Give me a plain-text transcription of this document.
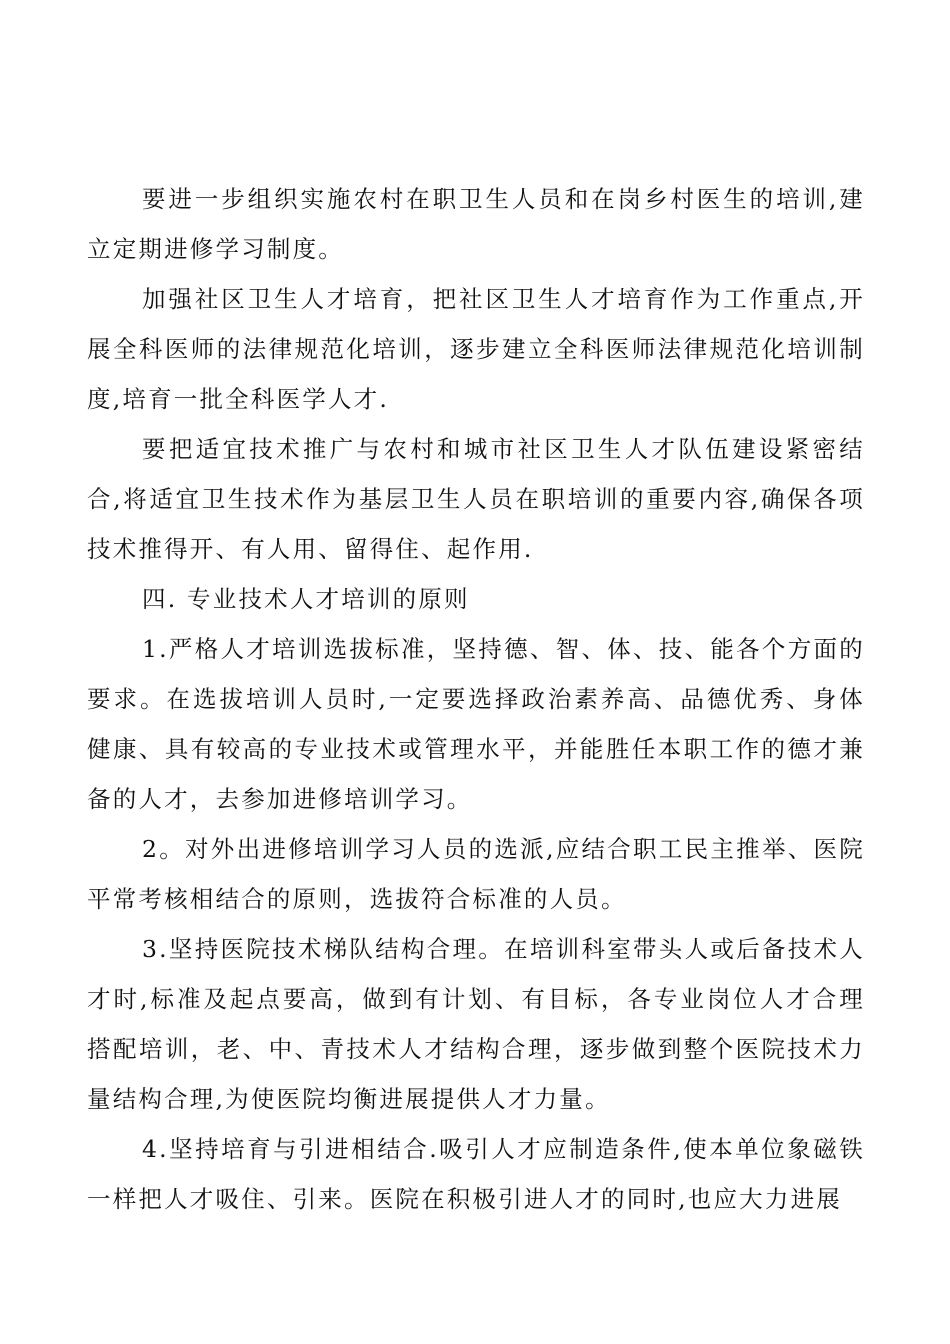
要进一步组织实施农村在职卫生人员和在岗乡村医生的培训,建立定期进修学习制度。

加强社区卫生人才培育，把社区卫生人才培育作为工作重点,开展全科医师的法律规范化培训，逐步建立全科医师法律规范化培训制度,培育一批全科医学人才.

要把适宜技术推广与农村和城市社区卫生人才队伍建设紧密结合,将适宜卫生技术作为基层卫生人员在职培训的重要内容,确保各项技术推得开、有人用、留得住、起作用.

四. 专业技术人才培训的原则

1.严格人才培训选拔标准，坚持德、智、体、技、能各个方面的要求。在选拔培训人员时,一定要选择政治素养高、品德优秀、身体健康、具有较高的专业技术或管理水平，并能胜任本职工作的德才兼备的人才，去参加进修培训学习。

2。对外出进修培训学习人员的选派,应结合职工民主推举、医院平常考核相结合的原则，选拔符合标准的人员。

3.坚持医院技术梯队结构合理。在培训科室带头人或后备技术人才时,标准及起点要高，做到有计划、有目标，各专业岗位人才合理搭配培训，老、中、青技术人才结构合理，逐步做到整个医院技术力量结构合理,为使医院均衡进展提供人才力量。

4.坚持培育与引进相结合.吸引人才应制造条件,使本单位象磁铁一样把人才吸住、引来。医院在积极引进人才的同时,也应大力进展
